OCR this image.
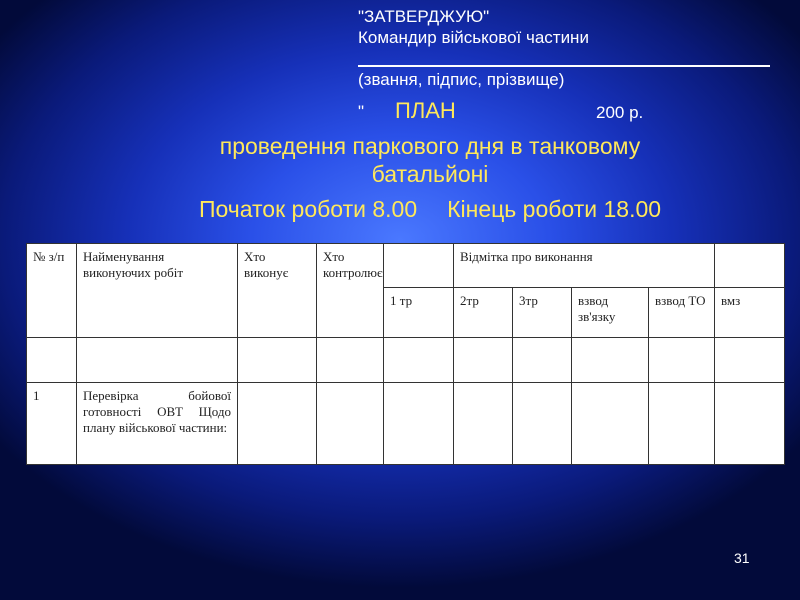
"ЗАТВЕРДЖУЮ"
Командир військової частини
(звання, підпис, прізвище)
" ПЛАН	200 р.
проведення паркового дня в танковому
батальйоні
Початок роботи 8.00 Кінець роботи 18.00
№ з/п	Найменування виконуючих робіт	Хто виконує	Хто контролює		Відмітка про виконання				
				1 тр	2тр	3тр	взвод зв'язку	взвод ТО	вмз

1	Перевірка бойової готовності ОВТ Щодо плану військової частини:								
31
